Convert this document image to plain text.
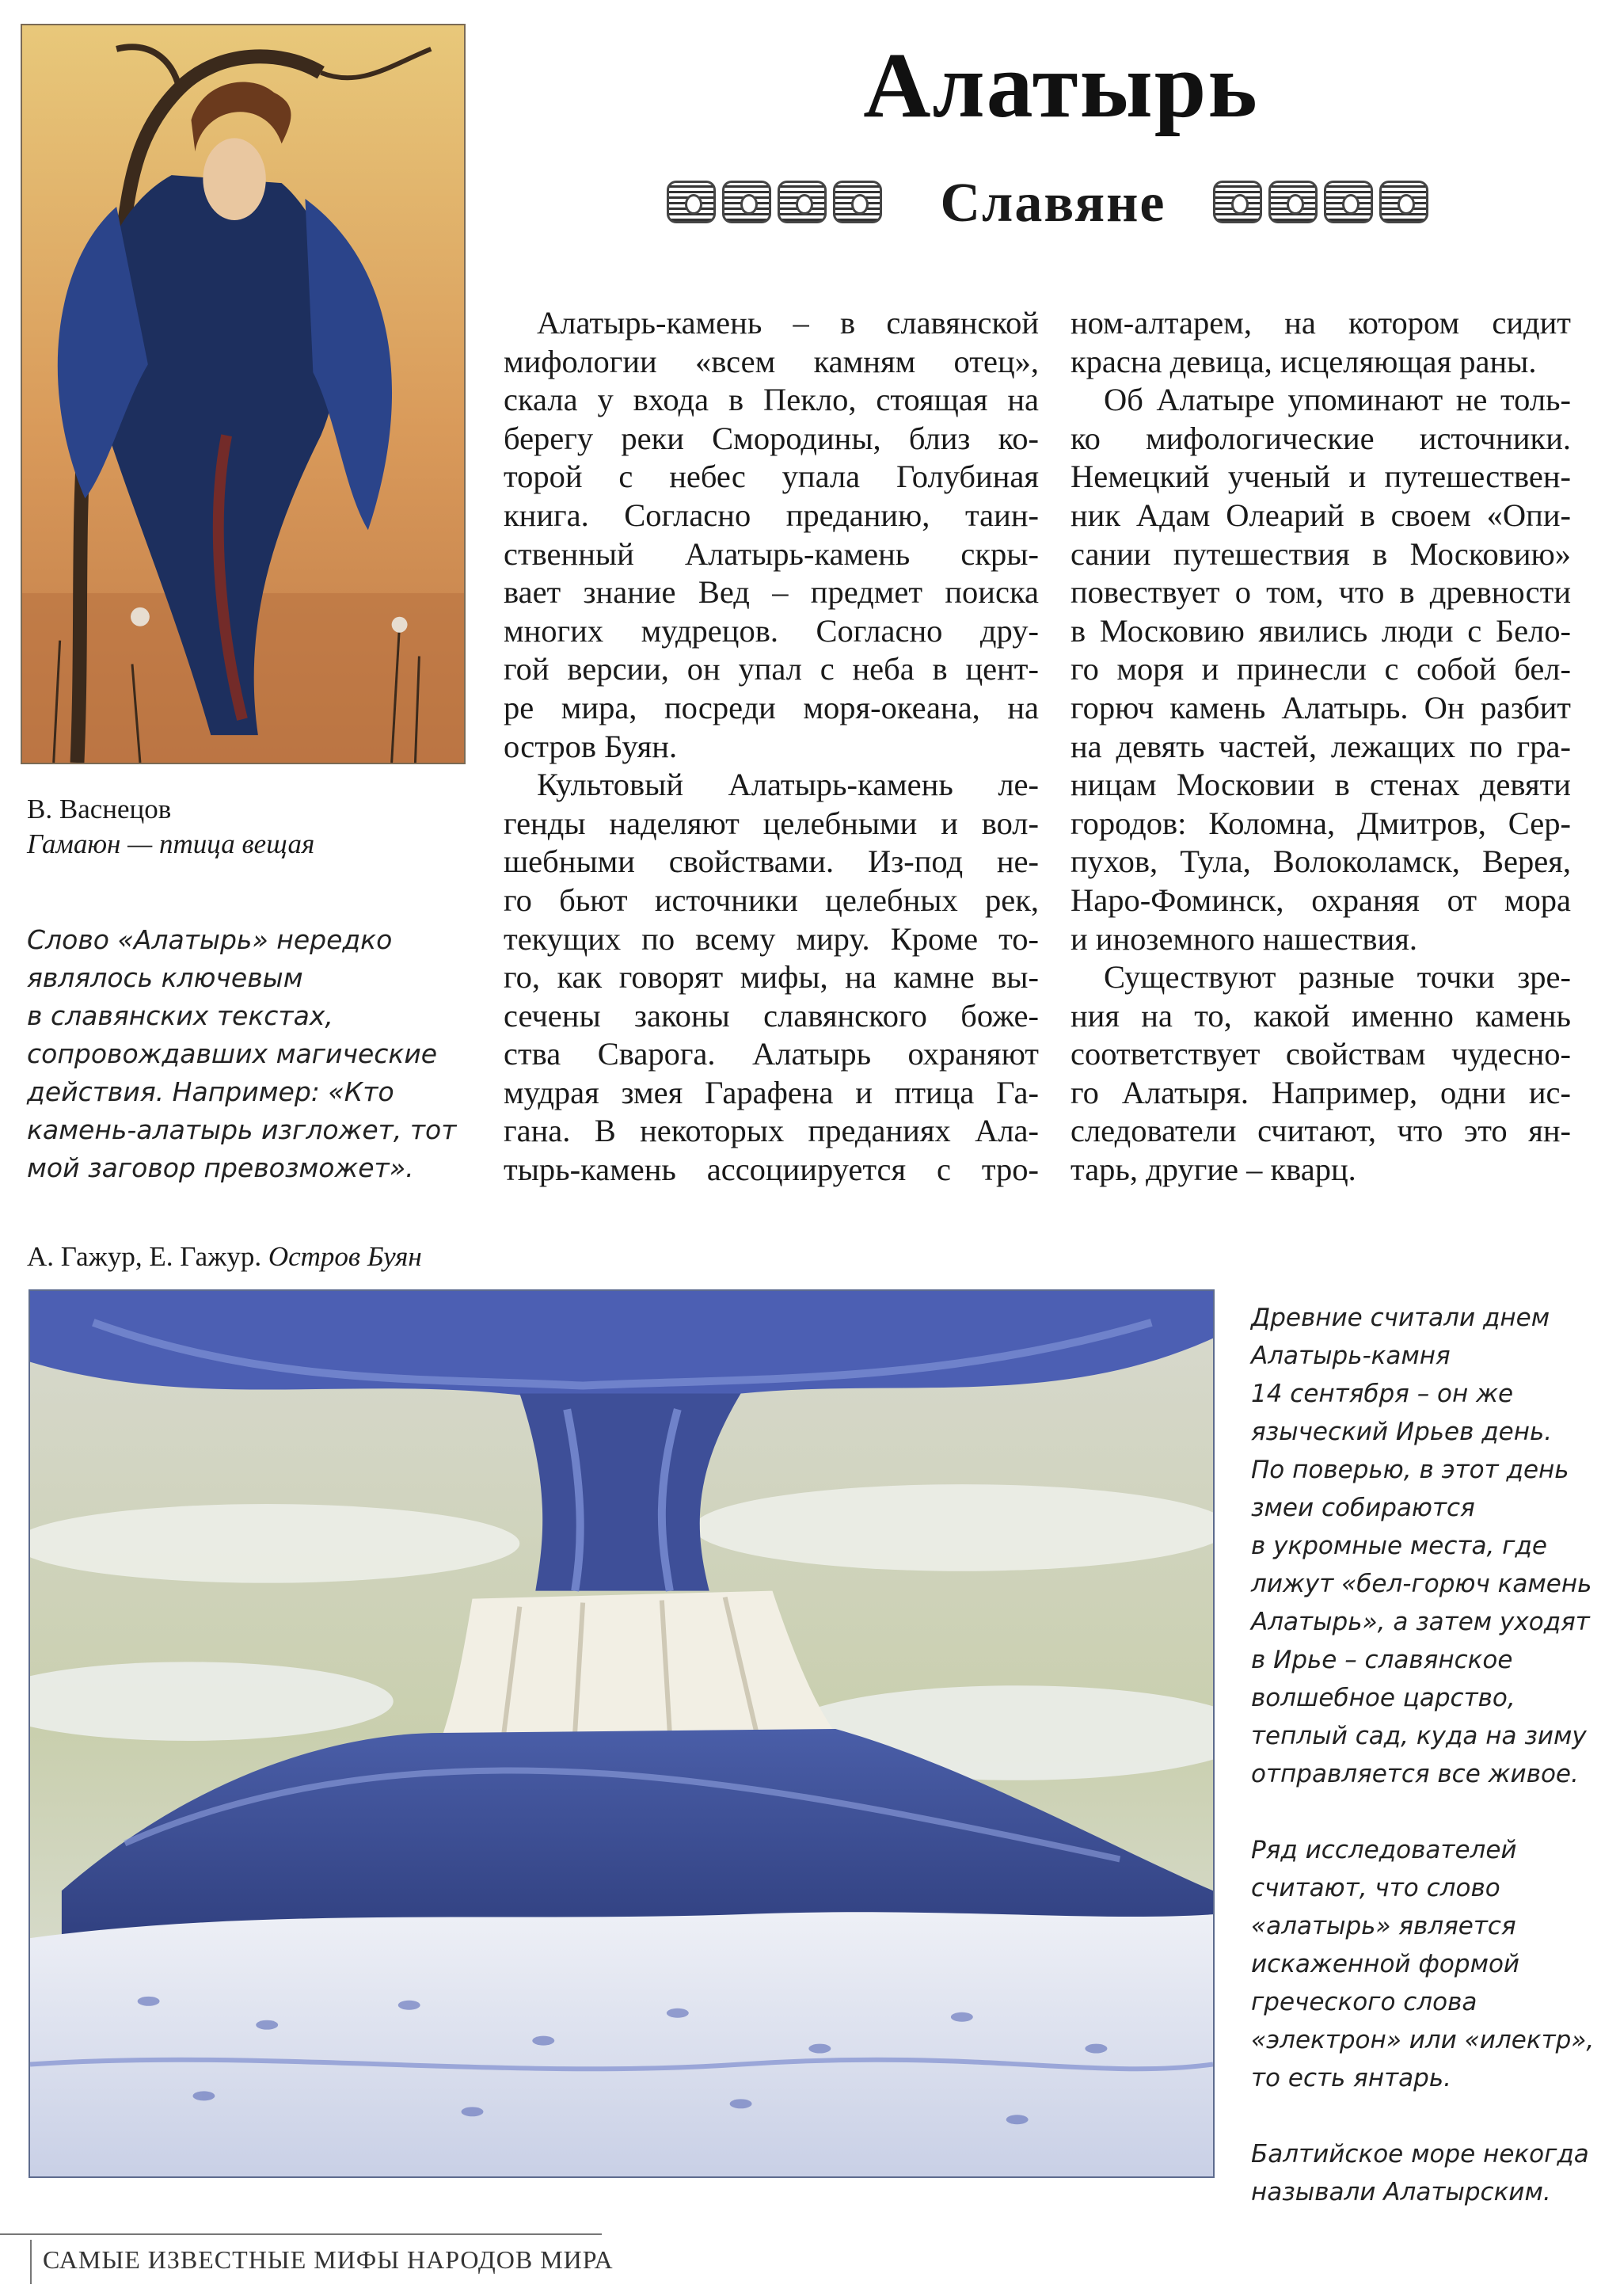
В. Васнецов
Гамаюн — птица вещая
Слово «Алатырь» нередко
являлось ключевым
в славянских текстах,
сопровождавших магические
действия. Например: «Кто
камень-алатырь изгложет, тот
мой заговор превозможет».
Алатырь
Славяне
Алатырь-камень – в славянской
мифологии «всем камням отец»,
скала у входа в Пекло, стоящая на
берегу реки Смородины, близ ко-
торой с небес упала Голубиная
книга. Согласно преданию, таин-
ственный Алатырь-камень скры-
вает знание Вед – предмет поиска
многих мудрецов. Согласно дру-
гой версии, он упал с неба в цент-
ре мира, посреди моря-океана, на
остров Буян.
Культовый Алатырь-камень ле-
генды наделяют целебными и вол-
шебными свойствами. Из-под не-
го бьют источники целебных рек,
текущих по всему миру. Кроме то-
го, как говорят мифы, на камне вы-
сечены законы славянского боже-
ства Сварога. Алатырь охраняют
мудрая змея Гарафена и птица Га-
гана. В некоторых преданиях Ала-
тырь-камень ассоциируется с тро-
ном-алтарем, на котором сидит
красна девица, исцеляющая раны.
Об Алатыре упоминают не толь-
ко мифологические источники.
Немецкий ученый и путешествен-
ник Адам Олеарий в своем «Опи-
сании путешествия в Московию»
повествует о том, что в древности
в Московию явились люди с Бело-
го моря и принесли с собой бел-
горюч камень Алатырь. Он разбит
на девять частей, лежащих по гра-
ницам Московии в стенах девяти
городов: Коломна, Дмитров, Сер-
пухов, Тула, Волоколамск, Верея,
Наро-Фоминск, охраняя от мора
и иноземного нашествия.
Существуют разные точки зре-
ния на то, какой именно камень
соответствует свойствам чудесно-
го Алатыря. Например, одни ис-
следователи считают, что это ян-
тарь, другие – кварц.
А. Гажур, Е. Гажур. Остров Буян
Древние считали днем
Алатырь-камня
14 сентября – он же
языческий Ирьев день.
По поверью, в этот день
змеи собираются
в укромные места, где
лижут «бел-горюч камень
Алатырь», а затем уходят
в Ирье – славянское
волшебное царство,
теплый сад, куда на зиму
отправляется все живое.
Ряд исследователей
считают, что слово
«алатырь» является
искаженной формой
греческого слова
«электрон» или «илектр»,
то есть янтарь.
Балтийское море некогда
называли Алатырским.
САМЫЕ ИЗВЕСТНЫЕ МИФЫ НАРОДОВ МИРА
